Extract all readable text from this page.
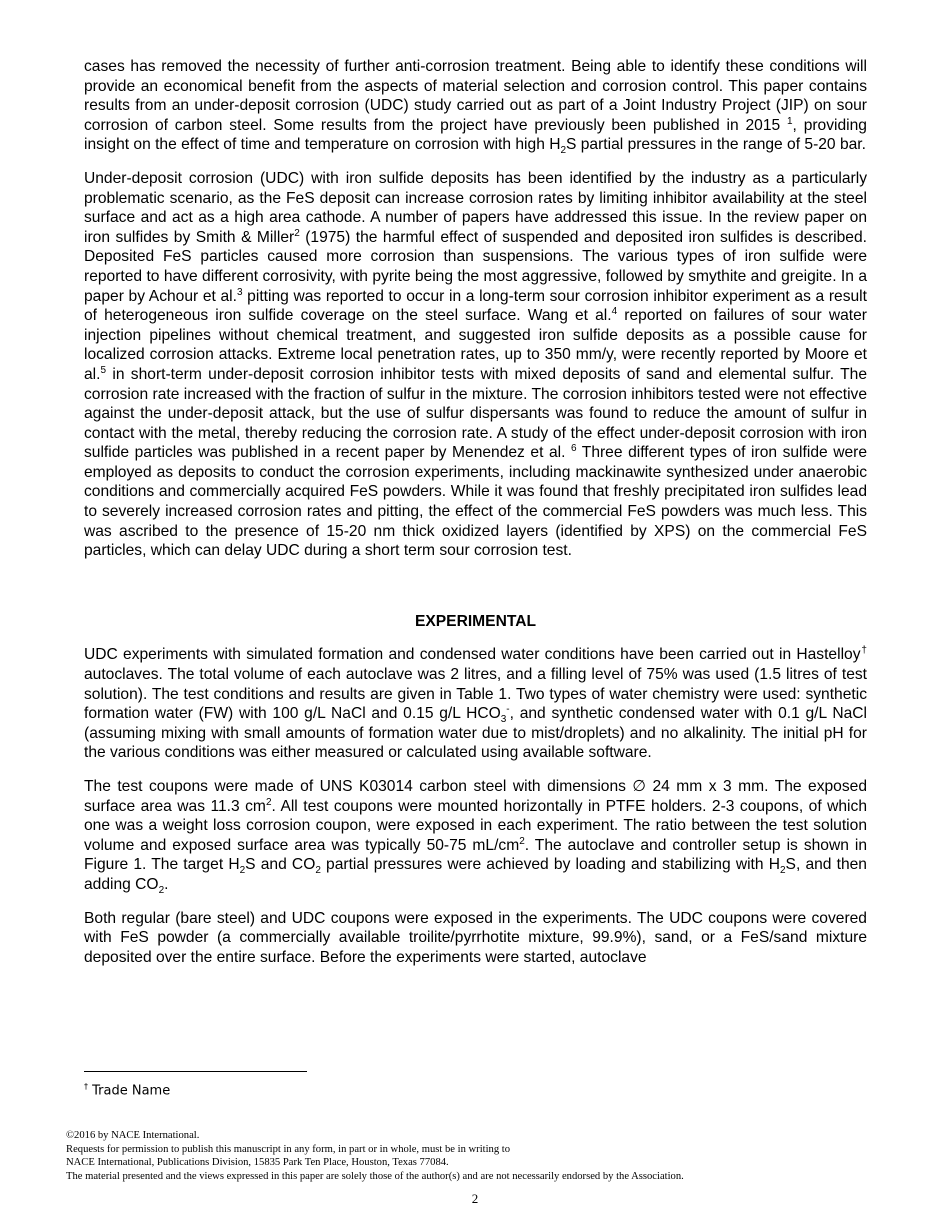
cases has removed the necessity of further anti-corrosion treatment. Being able to identify these conditions will provide an economical benefit from the aspects of material selection and corrosion control. This paper contains results from an under-deposit corrosion (UDC) study carried out as part of a Joint Industry Project (JIP) on sour corrosion of carbon steel. Some results from the project have previously been published in 2015 $^1$, providing insight on the effect of time and temperature on corrosion with high $H_2S$ partial pressures in the range of 5-20 bar.

Under-deposit corrosion (UDC) with iron sulfide deposits has been identified by the industry as a particularly problematic scenario, as the FeS deposit can increase corrosion rates by limiting inhibitor availability at the steel surface and act as a high area cathode. A number of papers have addressed this issue. In the review paper on iron sulfides by Smith & Miller$^2$ (1975) the harmful effect of suspended and deposited iron sulfides is described. Deposited FeS particles caused more corrosion than suspensions. The various types of iron sulfide were reported to have different corrosivity, with pyrite being the most aggressive, followed by smythite and greigite. In a paper by Achour et al.$^3$ pitting was reported to occur in a long-term sour corrosion inhibitor experiment as a result of heterogeneous iron sulfide coverage on the steel surface. Wang et al.$^4$ reported on failures of sour water injection pipelines without chemical treatment, and suggested iron sulfide deposits as a possible cause for localized corrosion attacks. Extreme local penetration rates, up to 350 mm/y, were recently reported by Moore et al.$^5$ in short-term under-deposit corrosion inhibitor tests with mixed deposits of sand and elemental sulfur. The corrosion rate increased with the fraction of sulfur in the mixture. The corrosion inhibitors tested were not effective against the under-deposit attack, but the use of sulfur dispersants was found to reduce the amount of sulfur in contact with the metal, thereby reducing the corrosion rate. A study of the effect under-deposit corrosion with iron sulfide particles was published in a recent paper by Menendez et al. $^6$ Three different types of iron sulfide were employed as deposits to conduct the corrosion experiments, including mackinawite synthesized under anaerobic conditions and commercially acquired FeS powders. While it was found that freshly precipitated iron sulfides lead to severely increased corrosion rates and pitting, the effect of the commercial FeS powders was much less. This was ascribed to the presence of 15-20 nm thick oxidized layers (identified by XPS) on the commercial FeS particles, which can delay UDC during a short term sour corrosion test.

EXPERIMENTAL

UDC experiments with simulated formation and condensed water conditions have been carried out in Hastelloy† autoclaves. The total volume of each autoclave was 2 litres, and a filling level of 75% was used (1.5 litres of test solution). The test conditions and results are given in Table 1. Two types of water chemistry were used: synthetic formation water (FW) with 100 g/L NaCl and 0.15 g/L $HCO_3^-$, and synthetic condensed water with 0.1 g/L NaCl (assuming mixing with small amounts of formation water due to mist/droplets) and no alkalinity. The initial pH for the various conditions was either measured or calculated using available software.

The test coupons were made of UNS K03014 carbon steel with dimensions ∅ 24 mm x 3 mm. The exposed surface area was 11.3 $cm^2$. All test coupons were mounted horizontally in PTFE holders. 2-3 coupons, of which one was a weight loss corrosion coupon, were exposed in each experiment. The ratio between the test solution volume and exposed surface area was typically 50-75 $mL/cm^2$. The autoclave and controller setup is shown in Figure 1. The target $H_2S$ and $CO_2$ partial pressures were achieved by loading and stabilizing with $H_2S$, and then adding $CO_2$.

Both regular (bare steel) and UDC coupons were exposed in the experiments. The UDC coupons were covered with FeS powder (a commercially available troilite/pyrrhotite mixture, 99.9%), sand, or a FeS/sand mixture deposited over the entire surface. Before the experiments were started, autoclave

† Trade Name
©2016 by NACE International.
Requests for permission to publish this manuscript in any form, in part or in whole, must be in writing to
NACE International, Publications Division, 15835 Park Ten Place, Houston, Texas 77084.
The material presented and the views expressed in this paper are solely those of the author(s) and are not necessarily endorsed by the Association.
2
